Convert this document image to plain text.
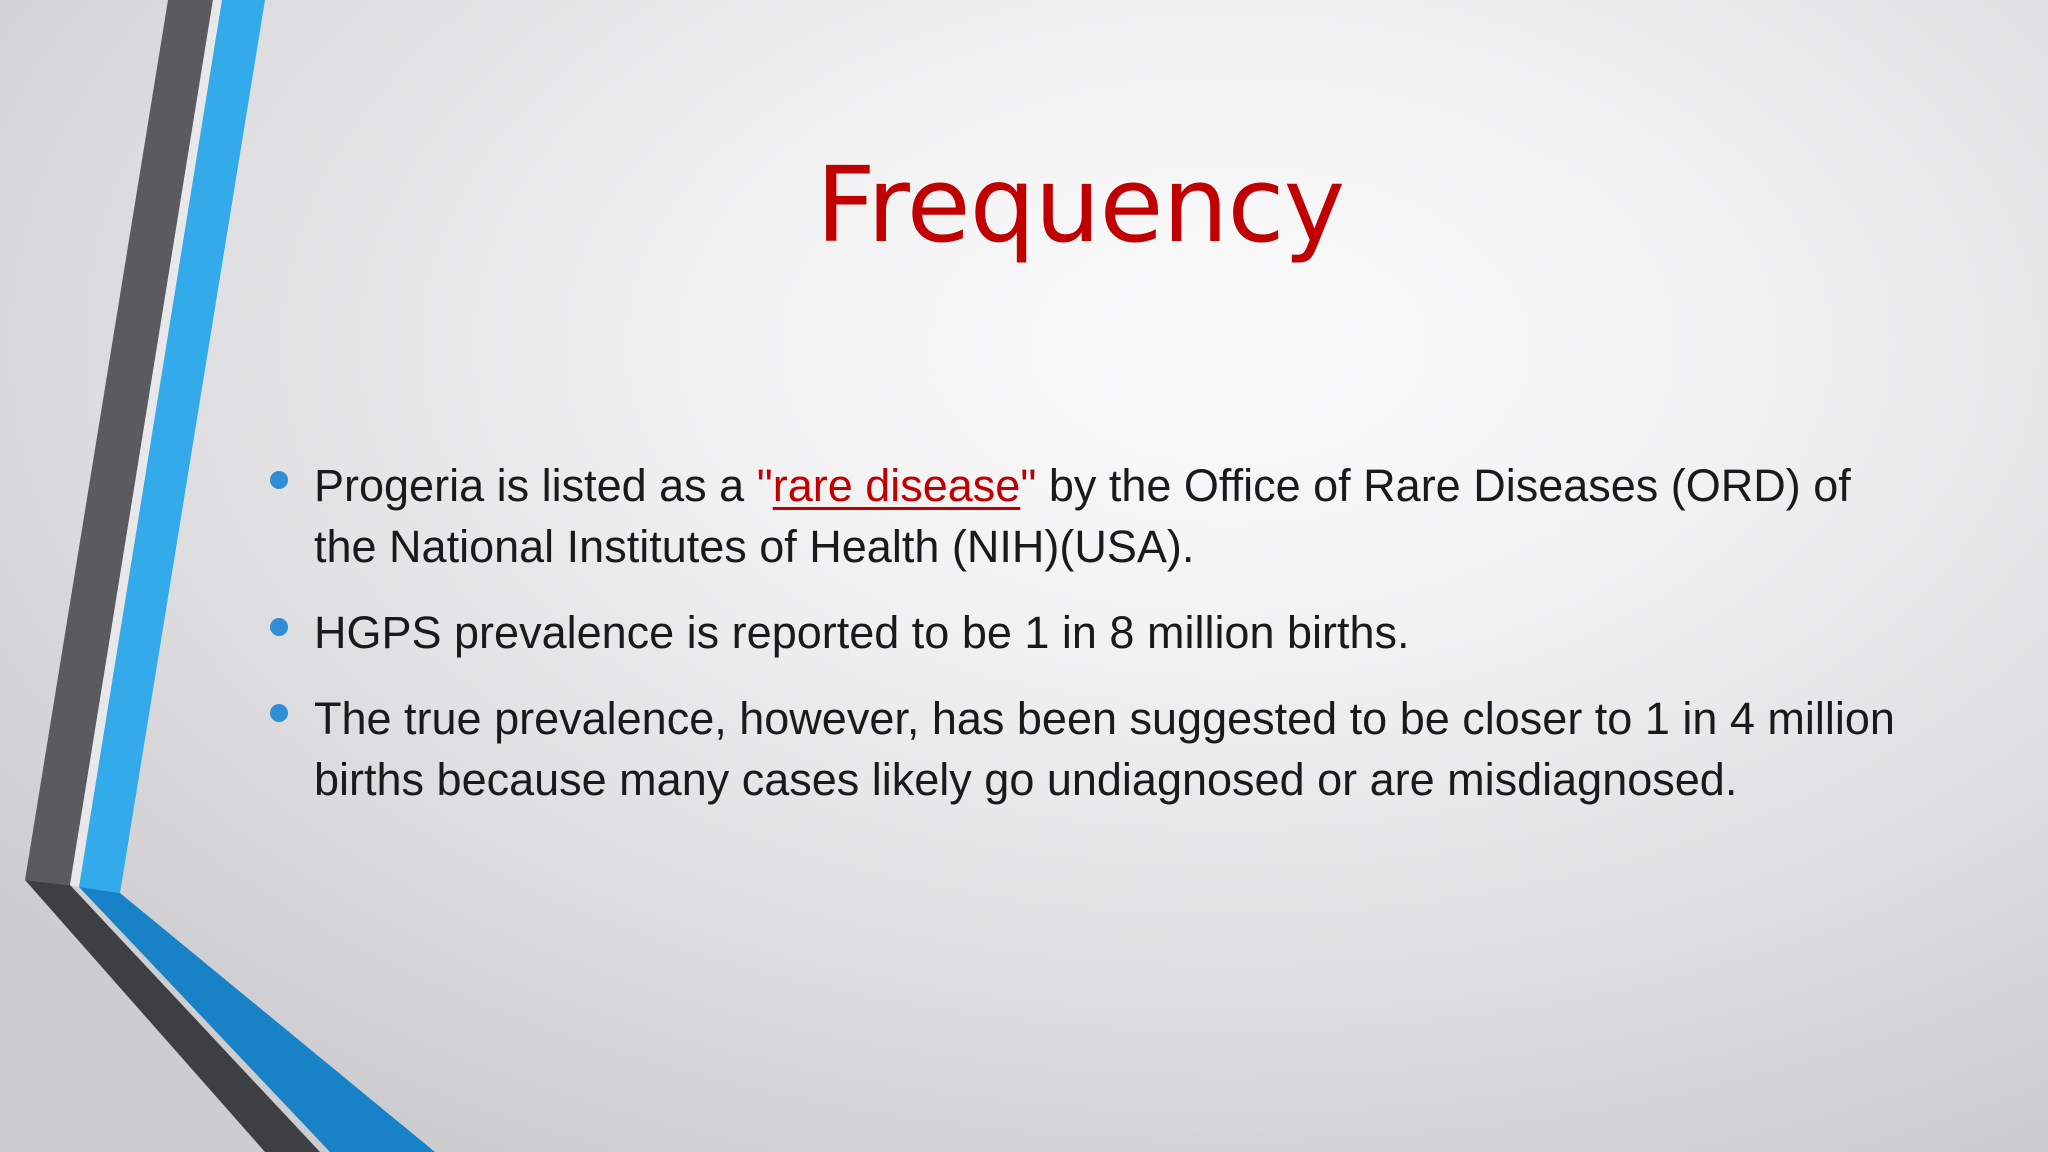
Frequency
Progeria is listed as a "rare disease" by the Office of Rare Diseases (ORD) of the National Institutes of Health (NIH)(USA).
HGPS prevalence is reported to be 1 in 8 million births.
The true prevalence, however, has been suggested to be closer to 1 in 4 million births because many cases likely go undiagnosed or are misdiagnosed.
